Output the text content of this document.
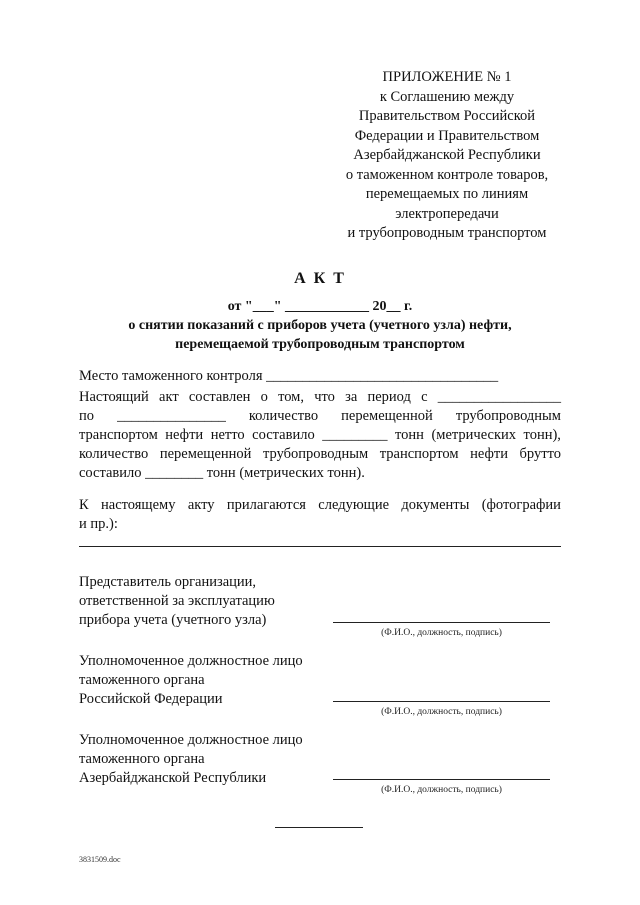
ПРИЛОЖЕНИЕ № 1
к Соглашению между
Правительством Российской
Федерации и Правительством
Азербайджанской Республики
о таможенном контроле товаров,
перемещаемых по линиям
электропередачи
и трубопроводным транспортом
А К Т
от "___" ____________ 20__ г.
о снятии показаний с приборов учета (учетного узла) нефти,
перемещаемой трубопроводным транспортом
Место таможенного контроля ________________________________
Настоящий акт составлен о том, что за период с _________________
по _______________ количество перемещенной трубопроводным
транспортом нефти нетто составило _________ тонн (метрических тонн),
количество перемещенной трубопроводным транспортом нефти брутто
составило ________ тонн (метрических тонн).
К настоящему акту прилагаются следующие документы (фотографии
и пр.):
Представитель организации,
ответственной за эксплуатацию
прибора учета (учетного узла)
(Ф.И.О., должность, подпись)
Уполномоченное должностное лицо
таможенного органа
Российской Федерации
(Ф.И.О., должность, подпись)
Уполномоченное должностное лицо
таможенного органа
Азербайджанской Республики
(Ф.И.О., должность, подпись)
3831509.doc
